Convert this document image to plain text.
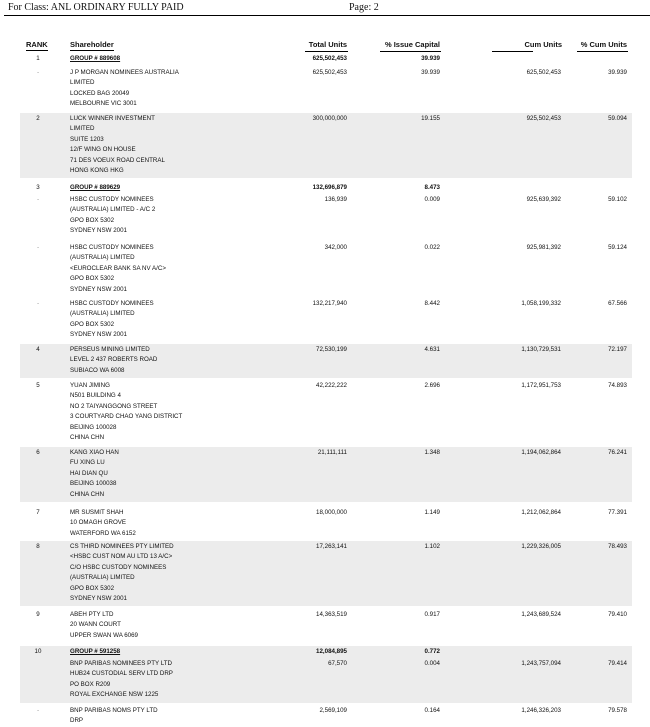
For Class: ANL ORDINARY FULLY PAID	Page: 2
RANK	Shareholder	Total Units	% Issue Capital	Cum Units	% Cum Units
1	GROUP # 889608	625,502,453	39.939
·	J P MORGAN NOMINEES AUSTRALIA
LIMITED
LOCKED BAG 20049
MELBOURNE VIC 3001
625,502,453	39.939	625,502,453	39.939
2	LUCK WINNER INVESTMENT
LIMITED
SUITE 1203
12/F WING ON HOUSE
71 DES VOEUX ROAD CENTRAL
HONG KONG HKG
300,000,000	19.155	925,502,453	59.094
3	GROUP # 889629	132,696,879	8.473
·	HSBC CUSTODY NOMINEES
(AUSTRALIA) LIMITED - A/C 2
GPO BOX 5302
SYDNEY NSW 2001
136,939	0.009	925,639,392	59.102
·	HSBC CUSTODY NOMINEES
(AUSTRALIA) LIMITED
<EUROCLEAR BANK SA NV A/C>
GPO BOX 5302
SYDNEY NSW 2001
342,000	0.022	925,981,392	59.124
·	HSBC CUSTODY NOMINEES
(AUSTRALIA) LIMITED
GPO BOX 5302
SYDNEY NSW 2001
132,217,940	8.442	1,058,199,332	67.566
4	PERSEUS MINING LIMITED
LEVEL 2 437 ROBERTS ROAD
SUBIACO WA 6008
72,530,199	4.631	1,130,729,531	72.197
5	YUAN JIMING
N501 BUILDING 4
NO 2 TAIYANGGONG STREET
3 COURTYARD CHAO YANG DISTRICT
BEIJING 100028
CHINA CHN
42,222,222	2.696	1,172,951,753	74.893
6	KANG XIAO HAN
FU XING LU
HAI DIAN QU
BEIJING 100038
CHINA CHN
21,111,111	1.348	1,194,062,864	76.241
7	MR SUSMIT SHAH
10 OMAGH GROVE
WATERFORD WA 6152
18,000,000	1.149	1,212,062,864	77.391
8	CS THIRD NOMINEES PTY LIMITED
<HSBC CUST NOM AU LTD 13 A/C>
C/O HSBC CUSTODY NOMINEES
(AUSTRALIA) LIMITED
GPO BOX 5302
SYDNEY NSW 2001
17,263,141	1.102	1,229,326,005	78.493
9	ABEH PTY LTD
20 WANN COURT
UPPER SWAN WA 6069
14,363,519	0.917	1,243,689,524	79.410
10	GROUP # 591258	12,084,895	0.772
BNP PARIBAS NOMINEES PTY LTD
HUB24 CUSTODIAL SERV LTD DRP
PO BOX R209
ROYAL EXCHANGE NSW 1225
67,570	0.004	1,243,757,094	79.414
·	BNP PARIBAS NOMS PTY LTD
DRP
2,569,109	0.164	1,246,326,203	79.578
